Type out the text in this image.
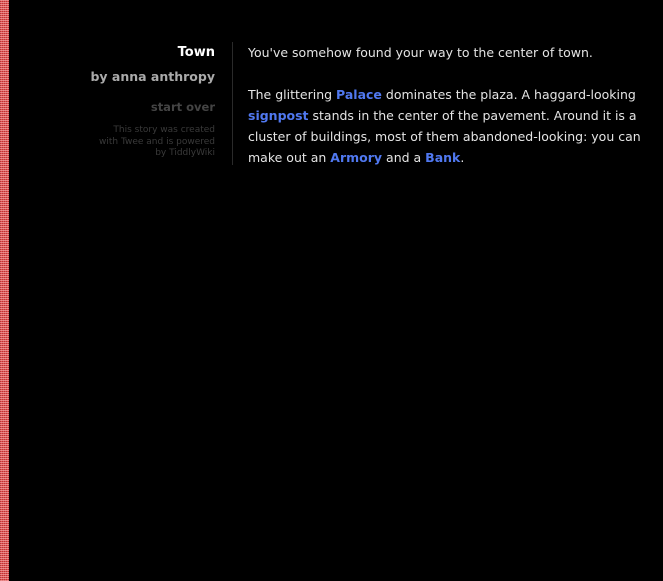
Town
by anna anthropy
start over
This story was created
with Twee and is powered
by TiddlyWiki

You've somehow found your way to the center of town.

The glittering Palace dominates the plaza. A haggard-looking signpost stands in the center of the pavement. Around it is a cluster of buildings, most of them abandoned-looking: you can make out an Armory and a Bank.
